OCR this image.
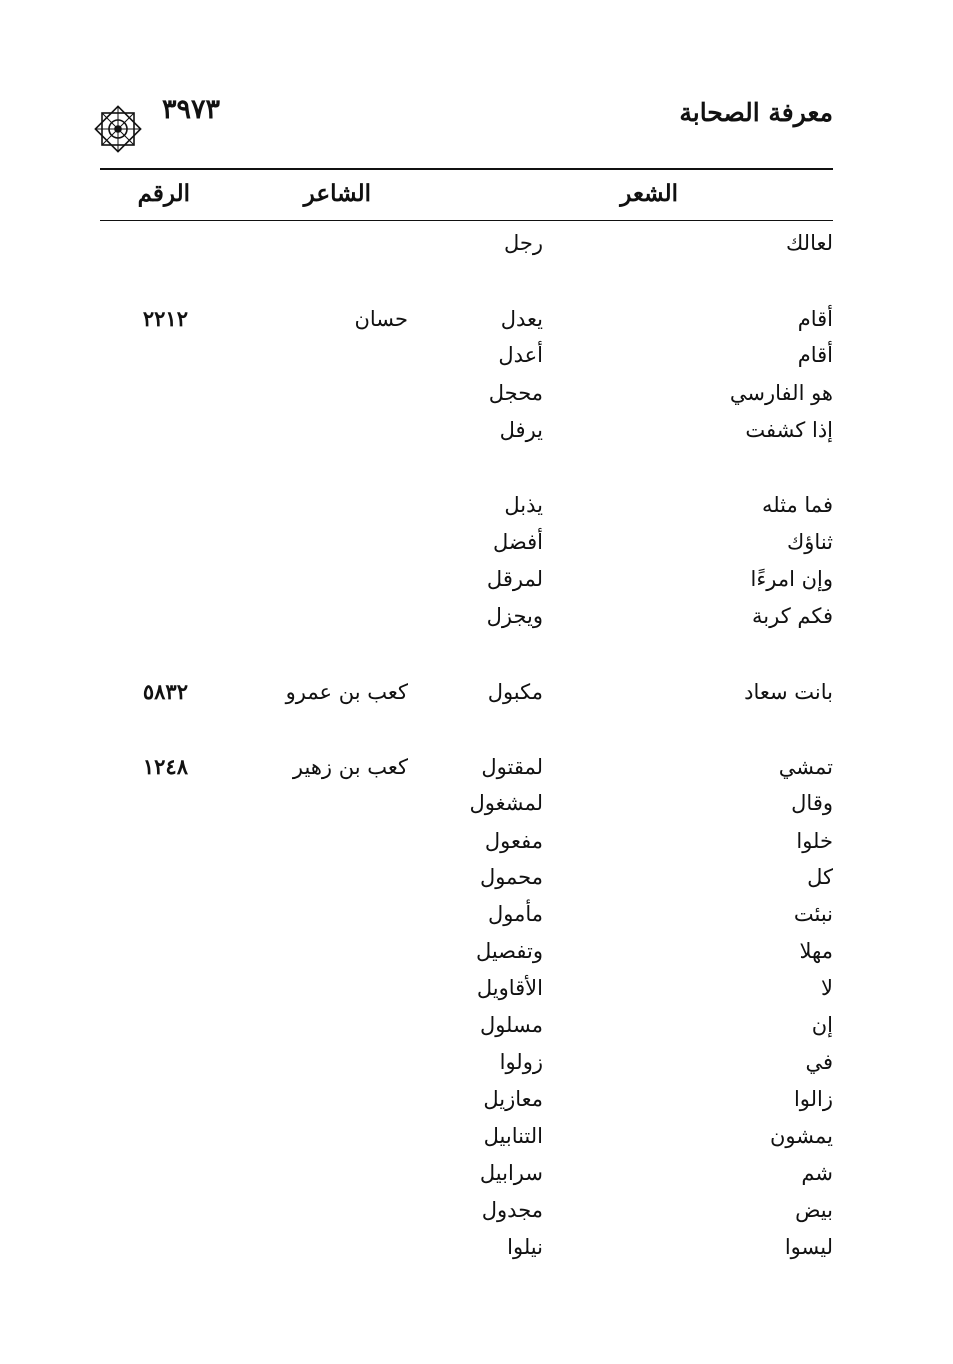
معرفة الصحابة
٣٩٧٣
الشعر
الشاعر
الرقم
لعالك
رجل
أقام
يعدل
حسان
٢٢١٢
أقام
أعدل
هو الفارسي
محجل
إذا كشفت
يرفل
فما مثله
يذبل
ثناؤك
أفضل
وإن امرءًا
لمرقل
فكم كربة
ويجزل
بانت سعاد
مكبول
كعب بن عمرو
٥٨٣٢
تمشي
لمقتول
كعب بن زهير
١٢٤٨
وقال
لمشغول
خلوا
مفعول
كل
محمول
نبئت
مأمول
مهلا
وتفصيل
لا
الأقاويل
إن
مسلول
في
زولوا
زالوا
معازيل
يمشون
التنابيل
شم
سرابيل
بيض
مجدول
ليسوا
نيلوا
